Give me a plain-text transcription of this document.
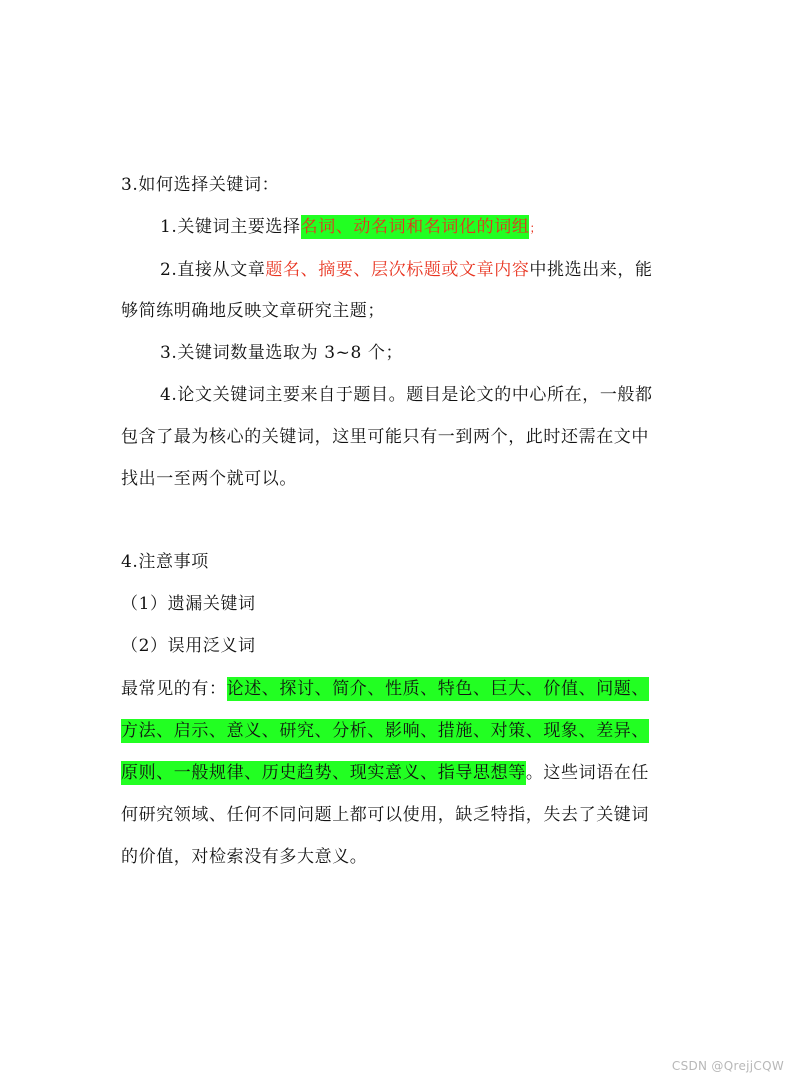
3.如何选择关键词：
1.关键词主要选择名词、动名词和名词化的词组；
2.直接从文章题名、摘要、层次标题或文章内容中挑选出来，能
够简练明确地反映文章研究主题；
3.关键词数量选取为 3~8 个；
4.论文关键词主要来自于题目。题目是论文的中心所在，一般都
包含了最为核心的关键词，这里可能只有一到两个，此时还需在文中
找出一至两个就可以。
4.注意事项
（1）遗漏关键词
（2）误用泛义词
最常见的有：论述、探讨、简介、性质、特色、巨大、价值、问题、
方法、启示、意义、研究、分析、影响、措施、对策、现象、差异、
原则、一般规律、历史趋势、现实意义、指导思想等。这些词语在任
何研究领域、任何不同问题上都可以使用，缺乏特指，失去了关键词
的价值，对检索没有多大意义。
CSDN @QrejjCQW
